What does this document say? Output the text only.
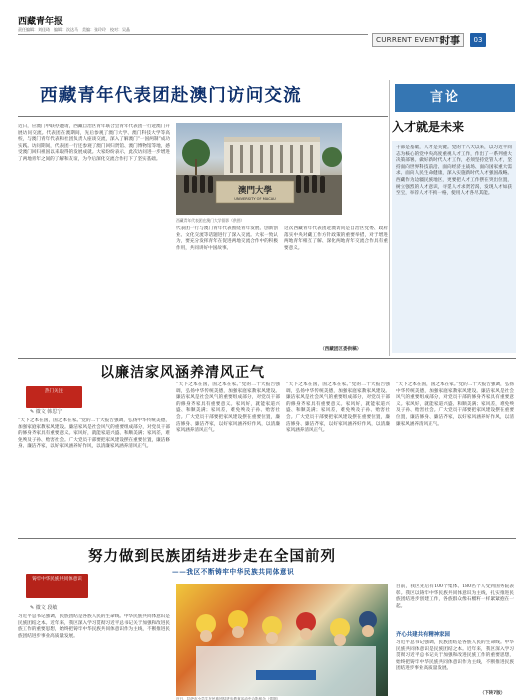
西藏青年报
责任编辑：刘佳琦　编辑：次达马　美编：张玲玲　校对：吴晶
CURRENT EVENTS
时事	03
西藏青年代表团赴澳门访问交流
近日，应澳门中联办邀请，西藏自治区青年联合会青年代表团一行赴澳门开展访问交流。代表团在澳期间，先后参观了澳门大学、澳门科技大学等高校，与澳门青年代表和社团负责人座谈交流，深入了解澳门“一国两制”成功实践。访问期间，代表团一行还参观了澳门回归贤馆、澳门博物馆等地，感受澳门回归祖国以来取得的发展成就。大家纷纷表示，此次访问进一步增进了两地青年之间的了解和友谊，为今后深化交流合作打下了坚实基础。
澳門大學
UNIVERSITY OF MACAU
西藏青年代表团在澳门大学留影（供图）
代表团一行与澳门青年代表围绕青年发展、创新创业、文化交流等话题进行了深入交流。大家一致认为，要充分发挥青年在促进两地交流合作中的积极作用，共同讲好中国故事。
这次西藏青年代表团赴澳访问是自治区党委、政府落实中央对藏工作方针政策的重要举措，对于增进两地青年相互了解、深化两地青年交流合作具有重要意义。
（西藏团区委供稿）
言论
入才就是未来
干部是基础，人才是关键。党的十八大以来，以习近平同志为核心的党中央高度重视人才工作，作出了一系列重大决策部署。做好新时代人才工作，必须坚持党管人才，坚持面向世界科技前沿、面向经济主战场、面向国家重大需求、面向人民生命健康，深入实施新时代人才强国战略。西藏作为边疆民族地区，更要把人才工作摆在突出位置，树立强烈的人才意识，寻觅人才求贤若渴，发现人才如获至宝，举荐人才不拘一格，使用人才各尽其能。
以廉洁家风涵养清风正气
热门关注
✎ 微文 韩思宁
“天下之本在国，国之本在家。”党的二十大报告强调，弘扬中华传统美德，加强家庭家教家风建设。廉洁家风是社会风气的重要组成部分，对党员干部的修身齐家具有重要意义。家风好，就能家道兴盛、和顺美满；家风差，难免殃及子孙、贻害社会。广大党员干部要把家风建设摆在重要位置，廉洁修身、廉洁齐家，以好家风涵养好作风，以清廉家风涵养清风正气。
“天下之本在国，国之本在家。”党的二十大报告强调，弘扬中华传统美德，加强家庭家教家风建设。廉洁家风是社会风气的重要组成部分，对党员干部的修身齐家具有重要意义。家风好，就能家道兴盛、和顺美满；家风差，难免殃及子孙、贻害社会。广大党员干部要把家风建设摆在重要位置，廉洁修身、廉洁齐家，以好家风涵养好作风，以清廉家风涵养清风正气。
“天下之本在国，国之本在家。”党的二十大报告强调，弘扬中华传统美德，加强家庭家教家风建设。廉洁家风是社会风气的重要组成部分，对党员干部的修身齐家具有重要意义。家风好，就能家道兴盛、和顺美满；家风差，难免殃及子孙、贻害社会。广大党员干部要把家风建设摆在重要位置，廉洁修身、廉洁齐家，以好家风涵养好作风，以清廉家风涵养清风正气。
“天下之本在国，国之本在家。”党的二十大报告强调，弘扬中华传统美德，加强家庭家教家风建设。廉洁家风是社会风气的重要组成部分，对党员干部的修身齐家具有重要意义。家风好，就能家道兴盛、和顺美满；家风差，难免殃及子孙、贻害社会。广大党员干部要把家风建设摆在重要位置，廉洁修身、廉洁齐家，以好家风涵养好作风，以清廉家风涵养清风正气。
努力做到民族团结进步走在全国前列
——我区不断铸牢中华民族共同体意识
铸牢中华民族共同体意识
✎ 微文 段敏
习近平总书记强调，民族团结是各族人民的生命线。中华民族共同体意识是民族团结之本。近年来，我区深入学习贯彻习近平总书记关于加强和改进民族工作的重要思想，始终把铸牢中华民族共同体意识作为主线，不断推进民族团结进步事业高质量发展。
近日，拉萨市小学生在民族团结进步教育活动中合影留念（供图）
目前，我区先后有100个集体、180名个人受到国务院表彰。我区以铸牢中华民族共同体意识为主线，扎实推进民族团结进步创建工作，各族群众像石榴籽一样紧紧抱在一起。
齐心共建共有精神家园
习近平总书记强调，民族团结是各族人民的生命线。中华民族共同体意识是民族团结之本。近年来，我区深入学习贯彻习近平总书记关于加强和改进民族工作的重要思想，始终把铸牢中华民族共同体意识作为主线，不断推进民族团结进步事业高质量发展。
（下转7版）
